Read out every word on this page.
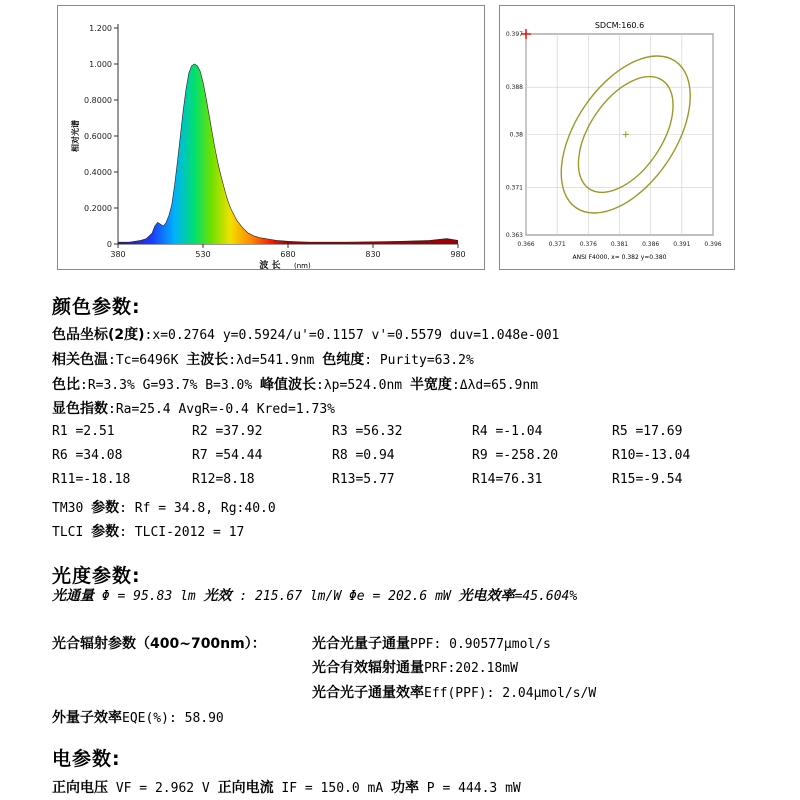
0
0.2000
0.4000
0.6000
0.8000
1.000
1.200
380	530	680	830	980
相对光谱
波 长 (nm)
SDCM:160.6
0.366 0.371 0.376 0.381 0.386 0.391 0.396
0.363
0.371
0.38
0.388
0.397
ANSI F4000, x= 0.382 y=0.380
颜色参数:
色品坐标(2度):x=0.2764 y=0.5924/u'=0.1157 v'=0.5579 duv=1.048e-001
相关色温:Tc=6496K 主波长:λd=541.9nm 色纯度: Purity=63.2%
色比:R=3.3% G=93.7% B=3.0% 峰值波长:λp=524.0nm 半宽度:Δλd=65.9nm
显色指数:Ra=25.4 AvgR=-0.4 Kred=1.73%
R1 =2.51	R2 =37.92	R3 =56.32	R4 =-1.04	R5 =17.69
R6 =34.08	R7 =54.44	R8 =0.94	R9 =-258.20	R10=-13.04
R11=-18.18	R12=8.18	R13=5.77	R14=76.31	R15=-9.54
TM30 参数: Rf = 34.8, Rg:40.0
TLCI 参数: TLCI-2012 = 17
光度参数:
光通量 Φ = 95.83 lm 光效 : 215.67 lm/W Φe = 202.6 mW 光电效率=45.604%
光合辐射参数（400~700nm）：	光合光量子通量PPF: 0.90577μmol/s
光合有效辐射通量PRF:202.18mW
光合光子通量效率Eff(PPF): 2.04μmol/s/W
外量子效率EQE(%): 58.90
电参数:
正向电压 VF = 2.962 V 正向电流 IF = 150.0 mA 功率 P = 444.3 mW
